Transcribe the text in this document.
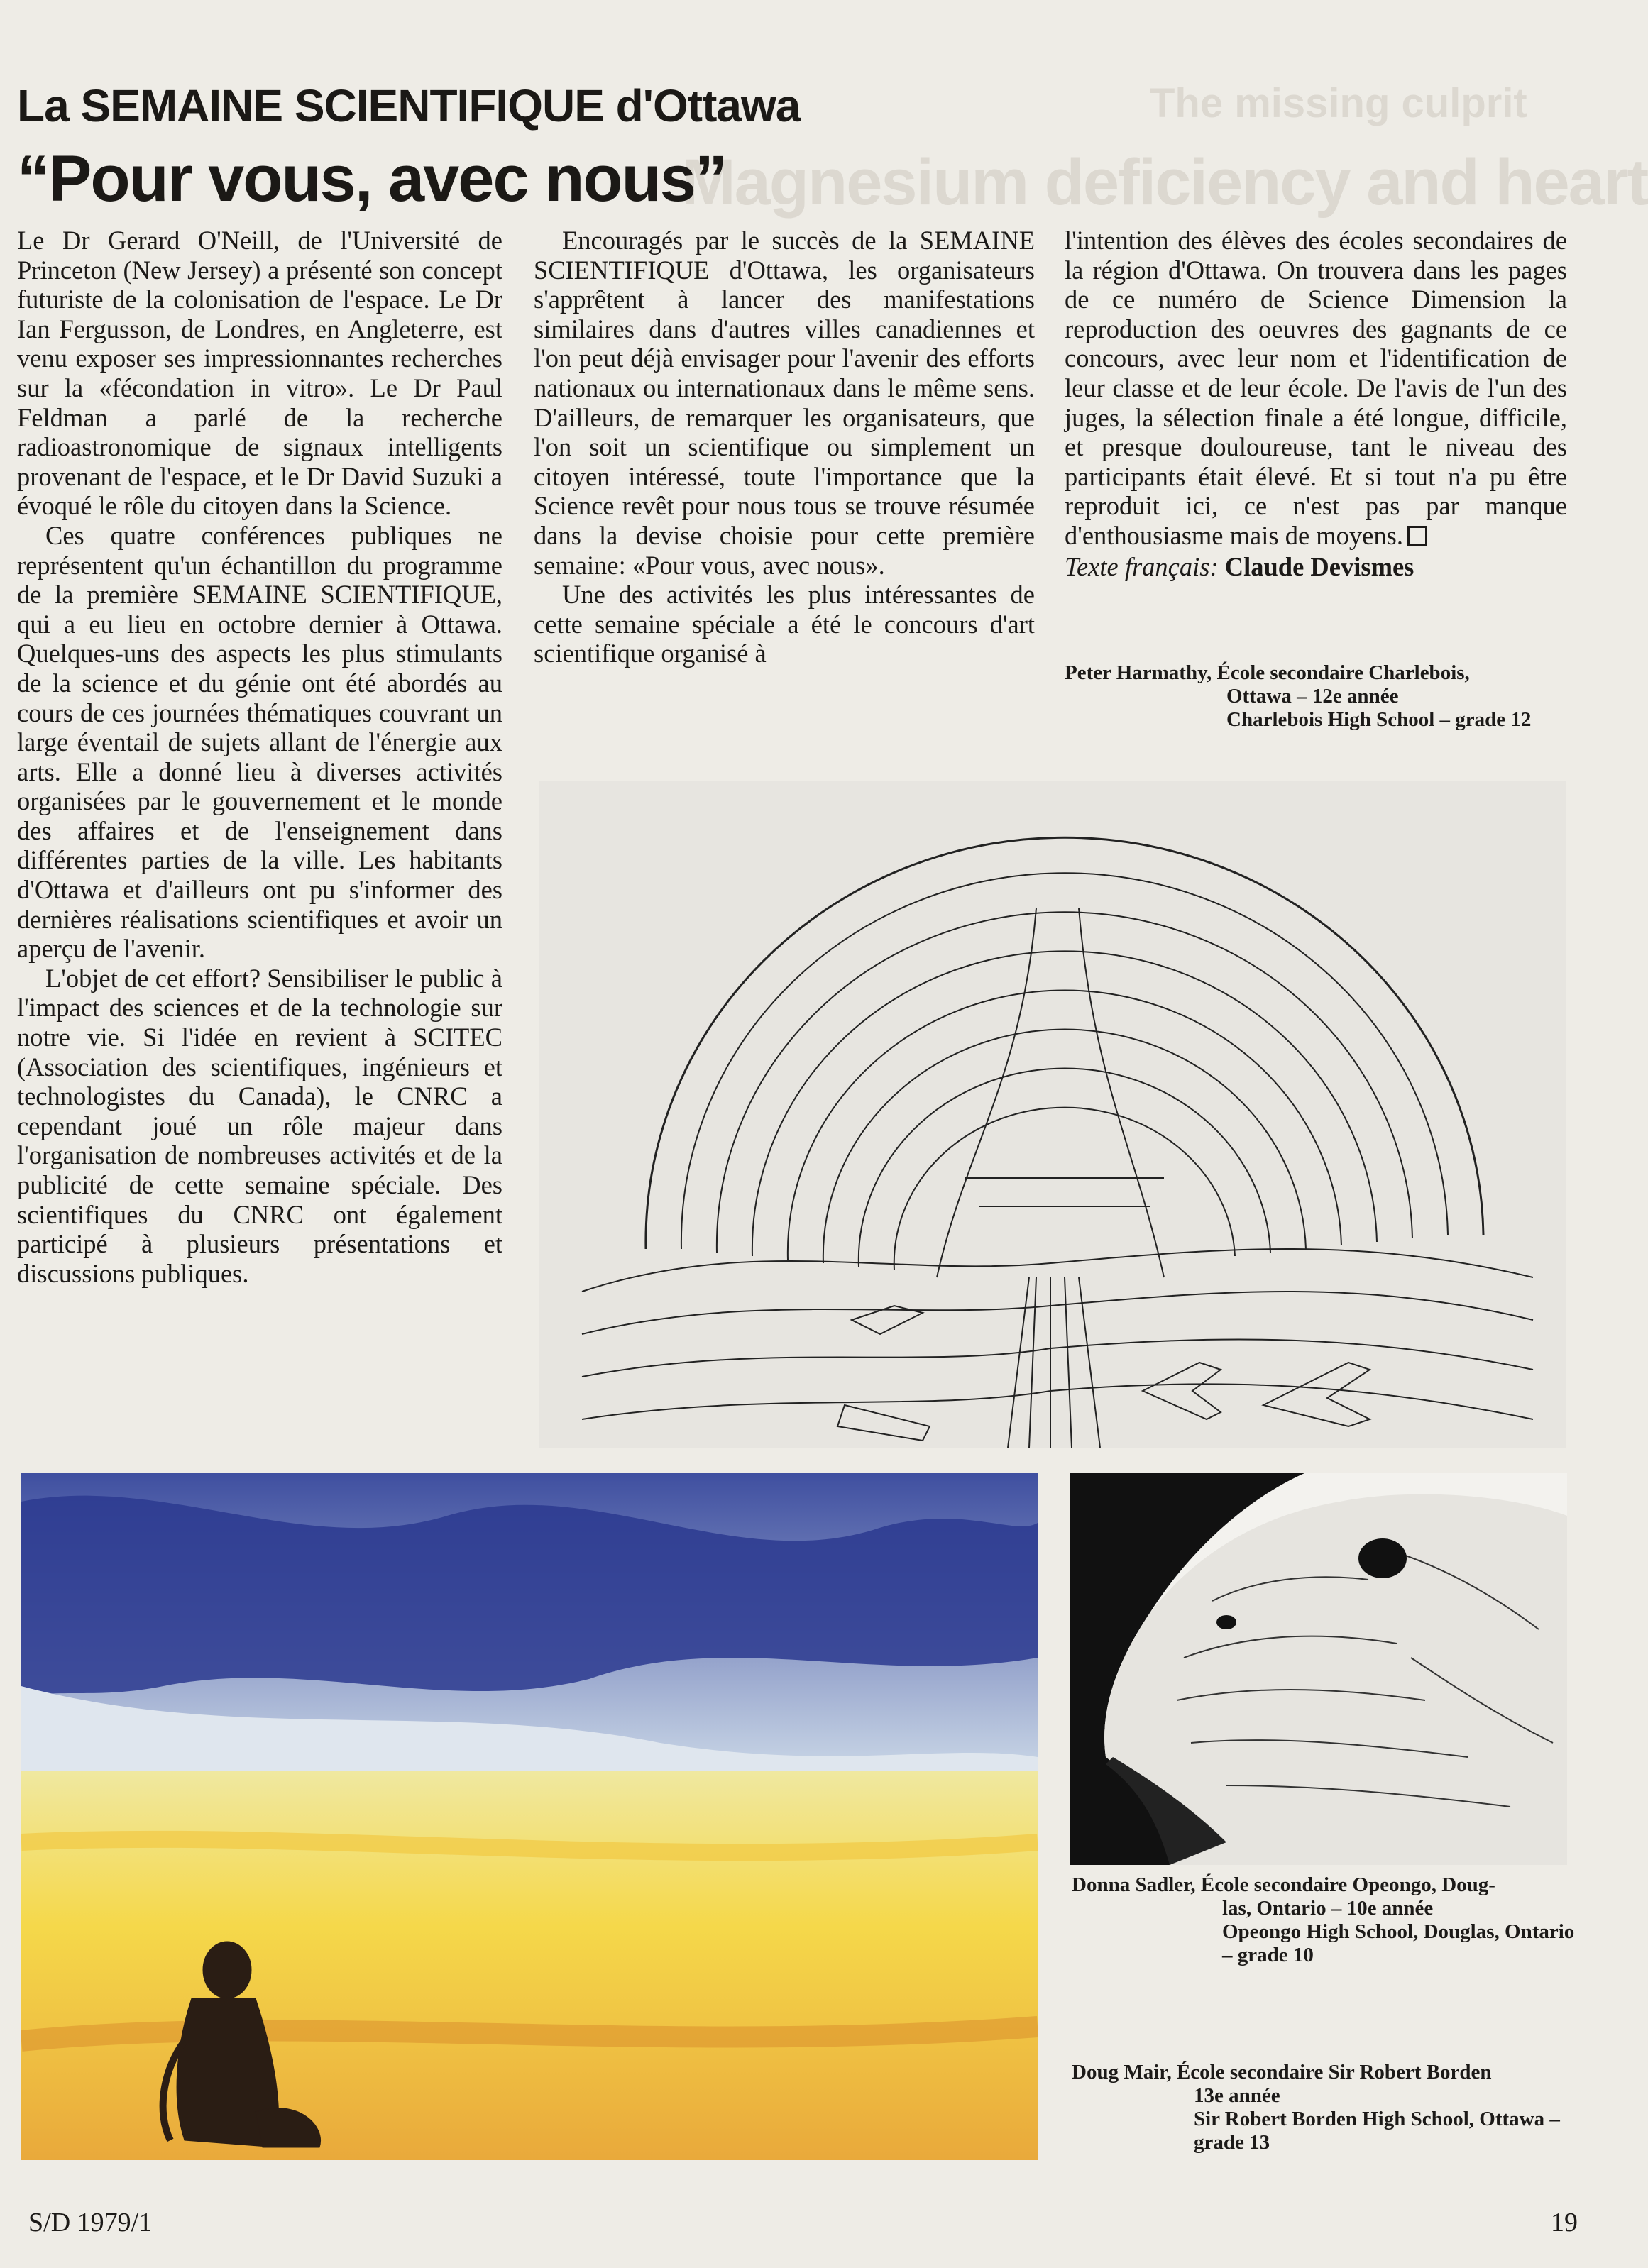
The missing culprit
Magnesium deficiency and heart
La SEMAINE SCIENTIFIQUE d'Ottawa
“Pour vous, avec nous”

Le Dr Gerard O'Neill, de l'Université de Princeton (New Jersey) a présenté son concept futuriste de la colonisation de l'espace. Le Dr Ian Fergusson, de Londres, en Angleterre, est venu exposer ses impressionnantes recherches sur la «fécondation in vitro». Le Dr Paul Feldman a parlé de la recherche radioastronomique de signaux intelligents provenant de l'espace, et le Dr David Suzuki a évoqué le rôle du citoyen dans la Science.

Ces quatre conférences publiques ne représentent qu'un échantillon du programme de la première SEMAINE SCIENTIFIQUE, qui a eu lieu en octobre dernier à Ottawa. Quelques-uns des aspects les plus stimulants de la science et du génie ont été abordés au cours de ces journées thématiques couvrant un large éventail de sujets allant de l'énergie aux arts. Elle a donné lieu à diverses activités organisées par le gouvernement et le monde des affaires et de l'enseignement dans différentes parties de la ville. Les habitants d'Ottawa et d'ailleurs ont pu s'informer des dernières réalisations scientifiques et avoir un aperçu de l'avenir.

L'objet de cet effort? Sensibiliser le public à l'impact des sciences et de la technologie sur notre vie. Si l'idée en revient à SCITEC (Association des scientifiques, ingénieurs et technologistes du Canada), le CNRC a cependant joué un rôle majeur dans l'organisation de nombreuses activités et de la publicité de cette semaine spéciale. Des scientifiques du CNRC ont également participé à plusieurs présentations et discussions publiques.

Encouragés par le succès de la SEMAINE SCIENTIFIQUE d'Ottawa, les organisateurs s'apprêtent à lancer des manifestations similaires dans d'autres villes canadiennes et l'on peut déjà envisager pour l'avenir des efforts nationaux ou internationaux dans le même sens. D'ailleurs, de remarquer les organisateurs, que l'on soit un scientifique ou simplement un citoyen intéressé, toute l'importance que la Science revêt pour nous tous se trouve résumée dans la devise choisie pour cette première semaine: «Pour vous, avec nous».

Une des activités les plus intéressantes de cette semaine spéciale a été le concours d'art scientifique organisé à

l'intention des élèves des écoles secondaires de la région d'Ottawa. On trouvera dans les pages de ce numéro de Science Dimension la reproduction des oeuvres des gagnants de ce concours, avec leur nom et l'identification de leur classe et de leur école. De l'avis de l'un des juges, la sélection finale a été longue, difficile, et presque douloureuse, tant le niveau des participants était élevé. Et si tout n'a pu être reproduit ici, ce n'est pas par manque d'enthousiasme mais de moyens.

Texte français: Claude Devismes

Peter Harmathy, École secondaire Charlebois,
Ottawa – 12e année
Charlebois High School – grade 12
Donna Sadler, École secondaire Opeongo, Doug-
las, Ontario – 10e année
Opeongo High School, Douglas, Ontario – grade 10
Doug Mair, École secondaire Sir Robert Borden
13e année
Sir Robert Borden High School, Ottawa – grade 13
S/D 1979/1	19
